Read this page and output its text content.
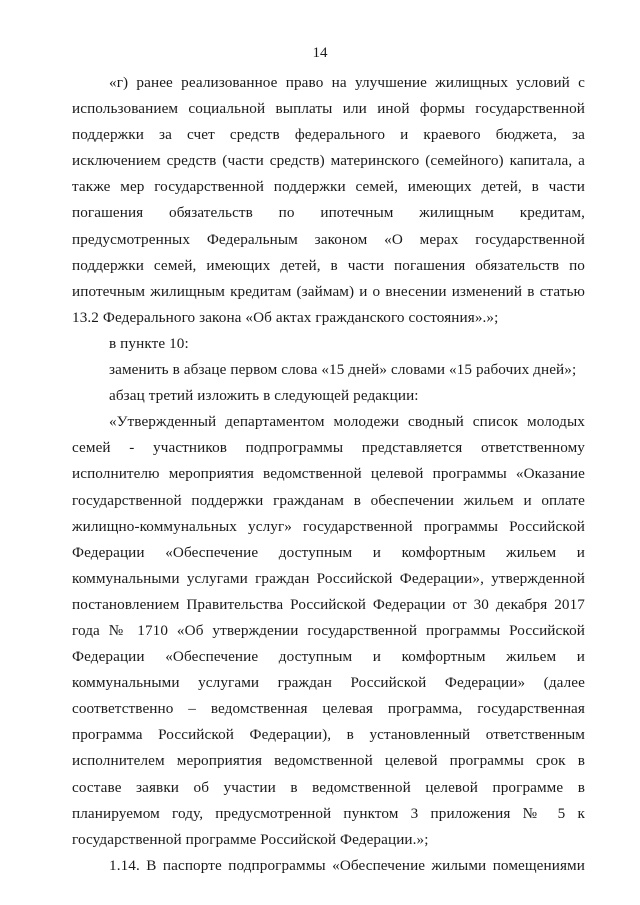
14

«г) ранее реализованное право на улучшение жилищных условий с использованием социальной выплаты или иной формы государственной поддержки за счет средств федерального и краевого бюджета, за исключением средств (части средств) материнского (семейного) капитала, а также мер государственной поддержки семей, имеющих детей, в части погашения обязательств по ипотечным жилищным кредитам, предусмотренных Федеральным законом «О мерах государственной поддержки семей, имеющих детей, в части погашения обязательств по ипотечным жилищным кредитам (займам) и о внесении изменений в статью 13.2 Федерального закона «Об актах гражданского состояния».»;

в пункте 10:

заменить в абзаце первом слова «15 дней» словами «15 рабочих дней»;

абзац третий изложить в следующей редакции:

«Утвержденный департаментом молодежи сводный список молодых семей - участников подпрограммы представляется ответственному исполнителю мероприятия ведомственной целевой программы «Оказание государственной поддержки гражданам в обеспечении жильем и оплате жилищно-коммунальных услуг» государственной программы Российской Федерации «Обеспечение доступным и комфортным жильем и коммунальными услугами граждан Российской Федерации», утвержденной постановлением Правительства Российской Федерации от 30 декабря 2017 года № 1710 «Об утверждении государственной программы Российской Федерации «Обеспечение доступным и комфортным жильем и коммунальными услугами граждан Российской Федерации» (далее соответственно – ведомственная целевая программа, государственная программа Российской Федерации), в установленный ответственным исполнителем мероприятия ведомственной целевой программы срок в составе заявки об участии в ведомственной целевой программе в планируемом году, предусмотренной пунктом 3 приложения № 5 к государственной программе Российской Федерации.»;

1.14. В паспорте подпрограммы «Обеспечение жилыми помещениями
